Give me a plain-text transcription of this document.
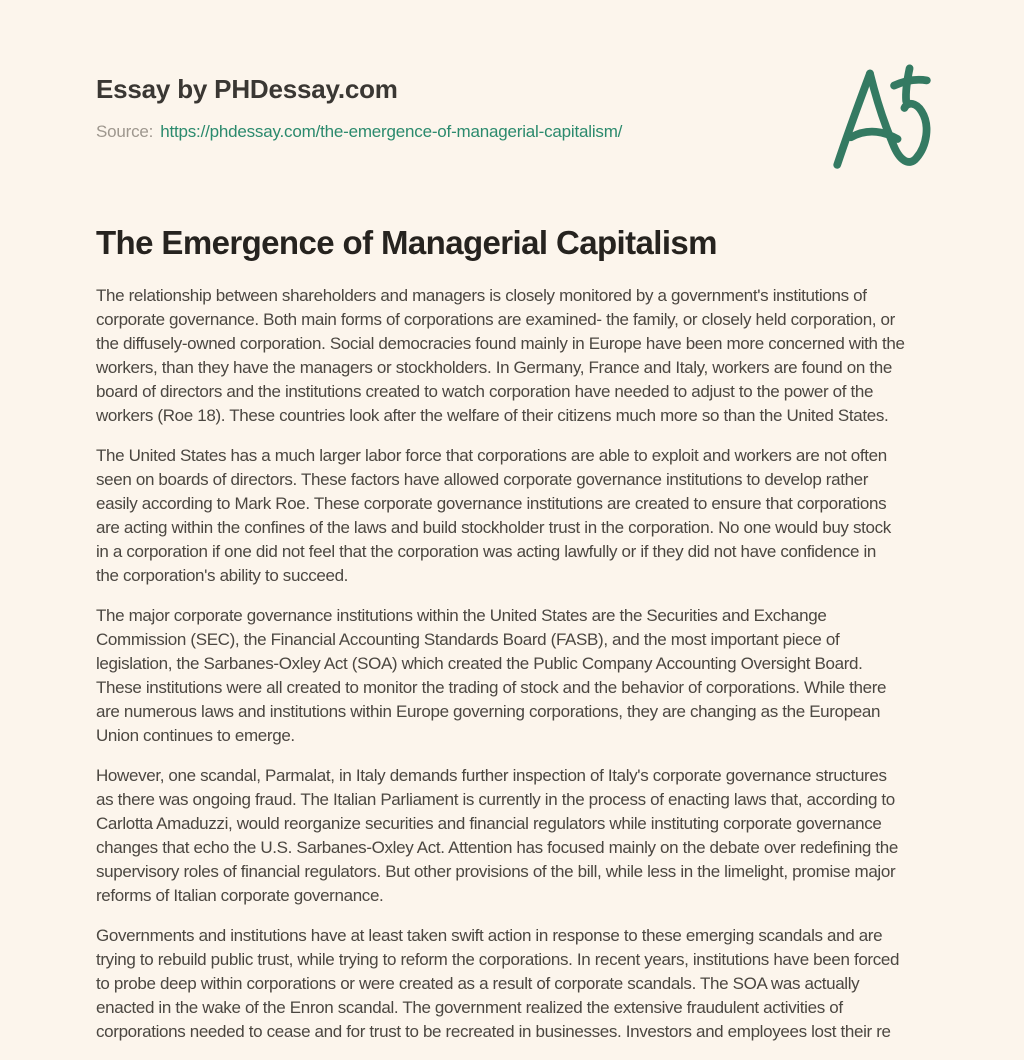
Essay by PHDessay.com
Source: https://phdessay.com/the-emergence-of-managerial-capitalism/
The Emergence of Managerial Capitalism
The relationship between shareholders and managers is closely monitored by a government's institutions of
corporate governance. Both main forms of corporations are examined- the family, or closely held corporation, or
the diffusely-owned corporation. Social democracies found mainly in Europe have been more concerned with the
workers, than they have the managers or stockholders. In Germany, France and Italy, workers are found on the
board of directors and the institutions created to watch corporation have needed to adjust to the power of the
workers (Roe 18). These countries look after the welfare of their citizens much more so than the United States.
The United States has a much larger labor force that corporations are able to exploit and workers are not often
seen on boards of directors. These factors have allowed corporate governance institutions to develop rather
easily according to Mark Roe. These corporate governance institutions are created to ensure that corporations
are acting within the confines of the laws and build stockholder trust in the corporation. No one would buy stock
in a corporation if one did not feel that the corporation was acting lawfully or if they did not have confidence in
the corporation's ability to succeed.
The major corporate governance institutions within the United States are the Securities and Exchange
Commission (SEC), the Financial Accounting Standards Board (FASB), and the most important piece of
legislation, the Sarbanes-Oxley Act (SOA) which created the Public Company Accounting Oversight Board.
These institutions were all created to monitor the trading of stock and the behavior of corporations. While there
are numerous laws and institutions within Europe governing corporations, they are changing as the European
Union continues to emerge.
However, one scandal, Parmalat, in Italy demands further inspection of Italy's corporate governance structures
as there was ongoing fraud. The Italian Parliament is currently in the process of enacting laws that, according to
Carlotta Amaduzzi, would reorganize securities and financial regulators while instituting corporate governance
changes that echo the U.S. Sarbanes-Oxley Act. Attention has focused mainly on the debate over redefining the
supervisory roles of financial regulators. But other provisions of the bill, while less in the limelight, promise major
reforms of Italian corporate governance.
Governments and institutions have at least taken swift action in response to these emerging scandals and are
trying to rebuild public trust, while trying to reform the corporations. In recent years, institutions have been forced
to probe deep within corporations or were created as a result of corporate scandals. The SOA was actually
enacted in the wake of the Enron scandal. The government realized the extensive fraudulent activities of
corporations needed to cease and for trust to be recreated in businesses. Investors and employees lost their re
